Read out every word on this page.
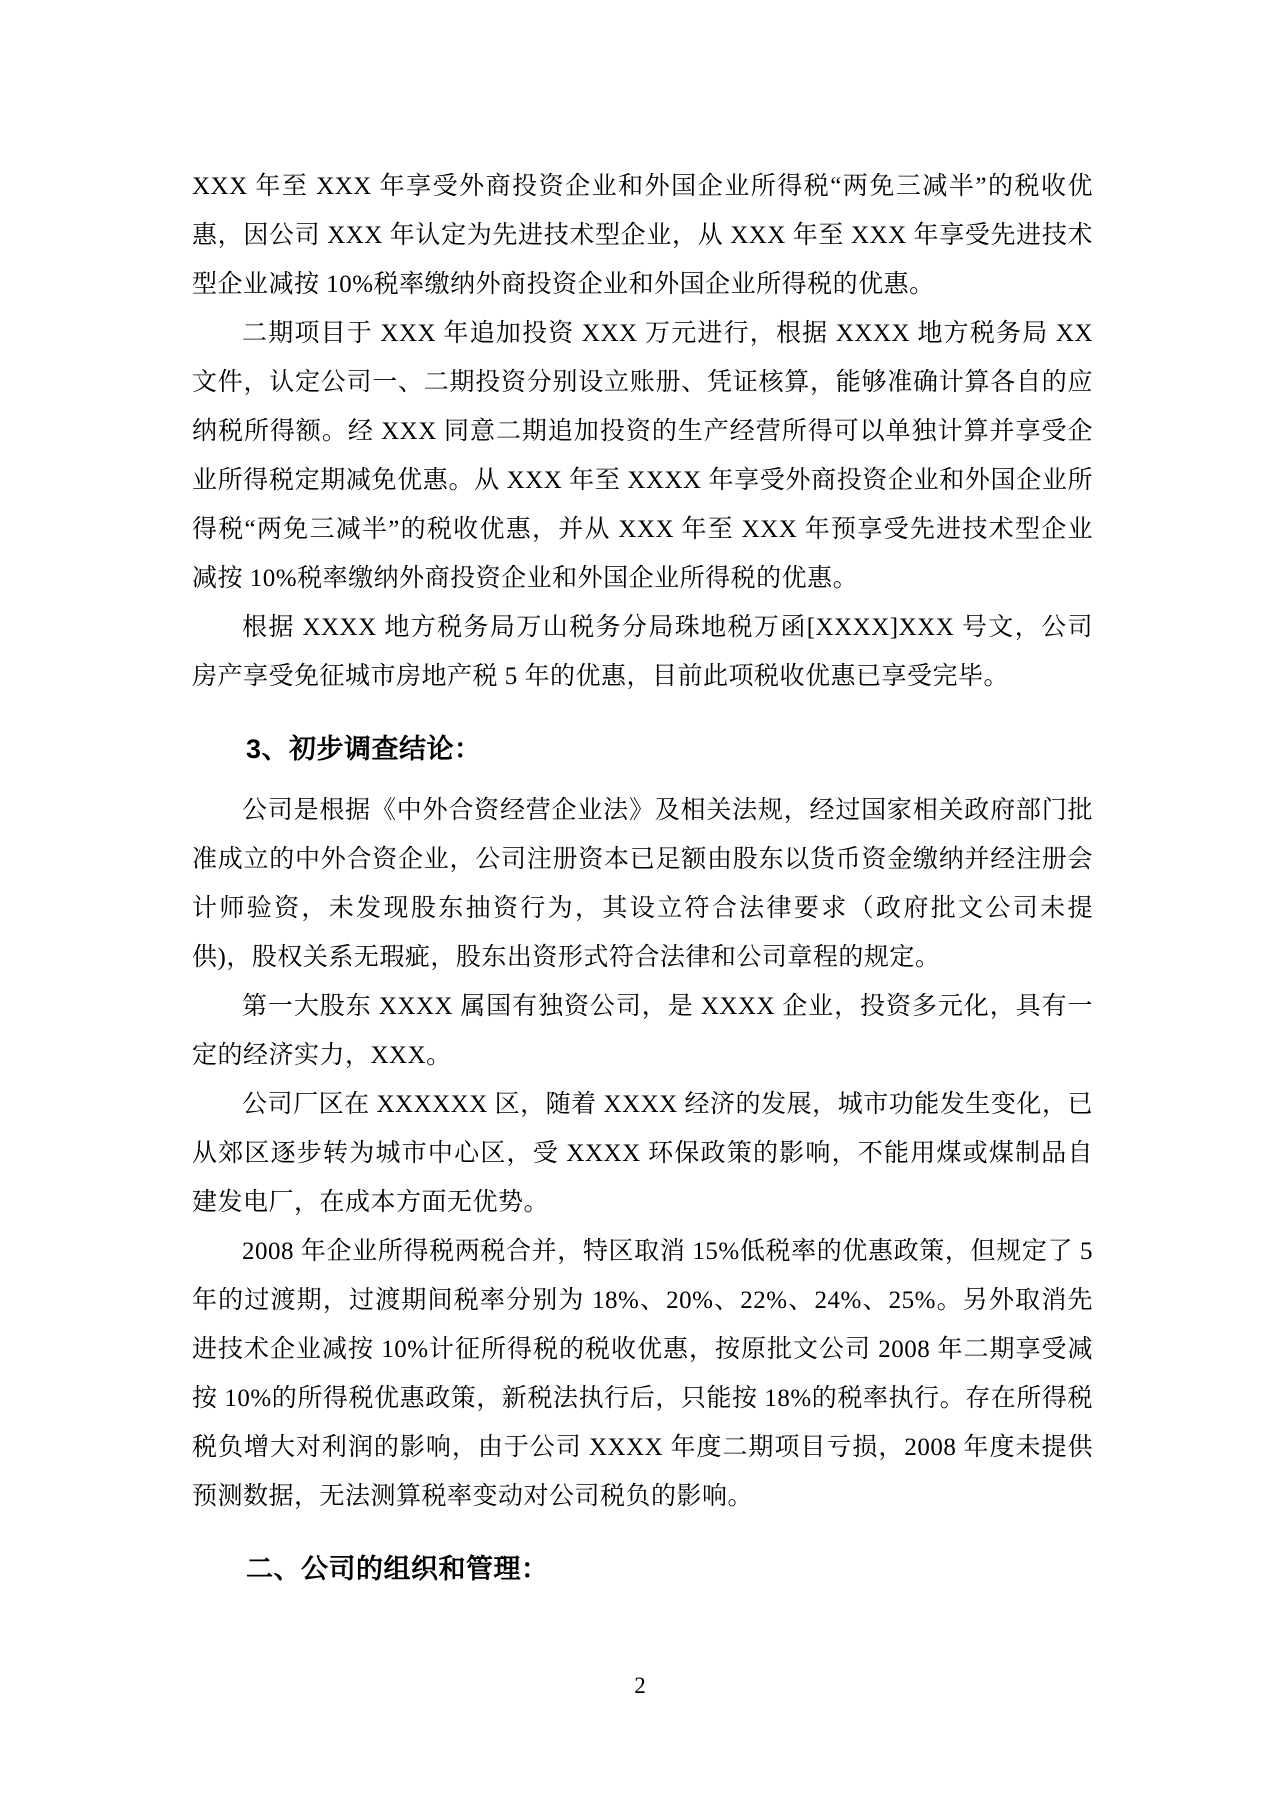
XXX 年至 XXX 年享受外商投资企业和外国企业所得税“两免三减半”的税收优惠，因公司 XXX 年认定为先进技术型企业，从 XXX 年至 XXX 年享受先进技术型企业减按 10%税率缴纳外商投资企业和外国企业所得税的优惠。

二期项目于 XXX 年追加投资 XXX 万元进行，根据 XXXX 地方税务局 XX 文件，认定公司一、二期投资分别设立账册、凭证核算，能够准确计算各自的应纳税所得额。经 XXX 同意二期追加投资的生产经营所得可以单独计算并享受企业所得税定期减免优惠。从 XXX 年至 XXXX 年享受外商投资企业和外国企业所得税“两免三减半”的税收优惠，并从 XXX 年至 XXX 年预享受先进技术型企业减按 10%税率缴纳外商投资企业和外国企业所得税的优惠。

根据 XXXX 地方税务局万山税务分局珠地税万函[XXXX]XXX 号文，公司房产享受免征城市房地产税 5 年的优惠，目前此项税收优惠已享受完毕。

3、初步调查结论：

公司是根据《中外合资经营企业法》及相关法规，经过国家相关政府部门批准成立的中外合资企业，公司注册资本已足额由股东以货币资金缴纳并经注册会计师验资，未发现股东抽资行为，其设立符合法律要求（政府批文公司未提供)，股权关系无瑕疵，股东出资形式符合法律和公司章程的规定。

第一大股东 XXXX 属国有独资公司，是 XXXX 企业，投资多元化，具有一定的经济实力，XXX。

公司厂区在 XXXXXX 区，随着 XXXX 经济的发展，城市功能发生变化，已从郊区逐步转为城市中心区，受 XXXX 环保政策的影响，不能用煤或煤制品自建发电厂，在成本方面无优势。

2008 年企业所得税两税合并，特区取消 15%低税率的优惠政策，但规定了 5 年的过渡期，过渡期间税率分别为 18%、20%、22%、24%、25%。另外取消先进技术企业减按 10%计征所得税的税收优惠，按原批文公司 2008 年二期享受减按 10%的所得税优惠政策，新税法执行后，只能按 18%的税率执行。存在所得税税负增大对利润的影响，由于公司 XXXX 年度二期项目亏损，2008 年度未提供预测数据，无法测算税率变动对公司税负的影响。

二、公司的组织和管理：
2
